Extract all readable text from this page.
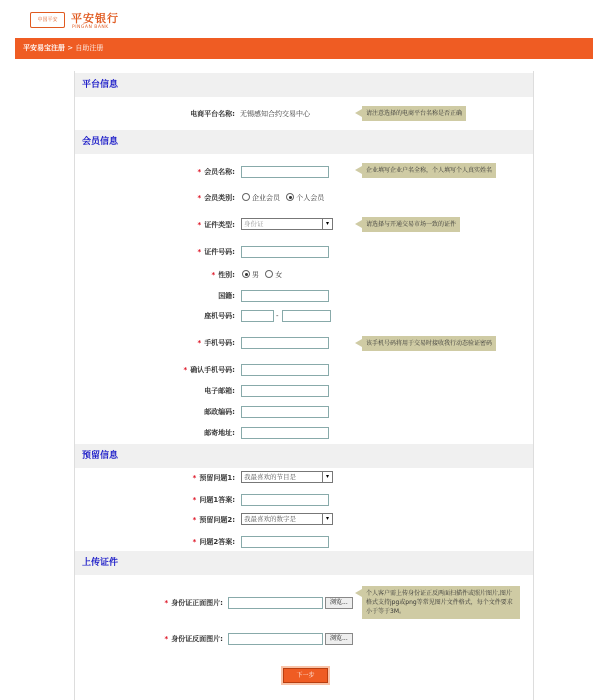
中国平安	平安银行
PINGAN BANK
平安易宝注册 > 自助注册
平台信息
电商平台名称: 无锡感知合约交易中心	请注意选择的电商平台名称是否正确
会员信息
* 会员名称:	企业填写企业户名全称，个人填写个人真实姓名
* 会员类别:	企业会员 个人会员
* 证件类型:	身份证	▾	请选择与开通交易市场一致的证件
* 证件号码:
* 性别:	男 女
国籍:
座机号码:	-
* 手机号码:	该手机号码将用于交易时接收我行动态验证密码
* 确认手机号码:
电子邮箱:
邮政编码:
邮寄地址:
预留信息
* 预留问题1:	我最喜欢的节目是	▾
* 问题1答案:
* 预留问题2:	我最喜欢的数字是	▾
* 问题2答案:
上传证件
* 身份证正面图片:	浏览...
个人客户需上传身份证正反两面扫描件或照片图片,图片格式支持jpg或png等常见图片文件格式，每个文件要求小于等于3M。
* 身份证反面图片:	浏览...
下一步
